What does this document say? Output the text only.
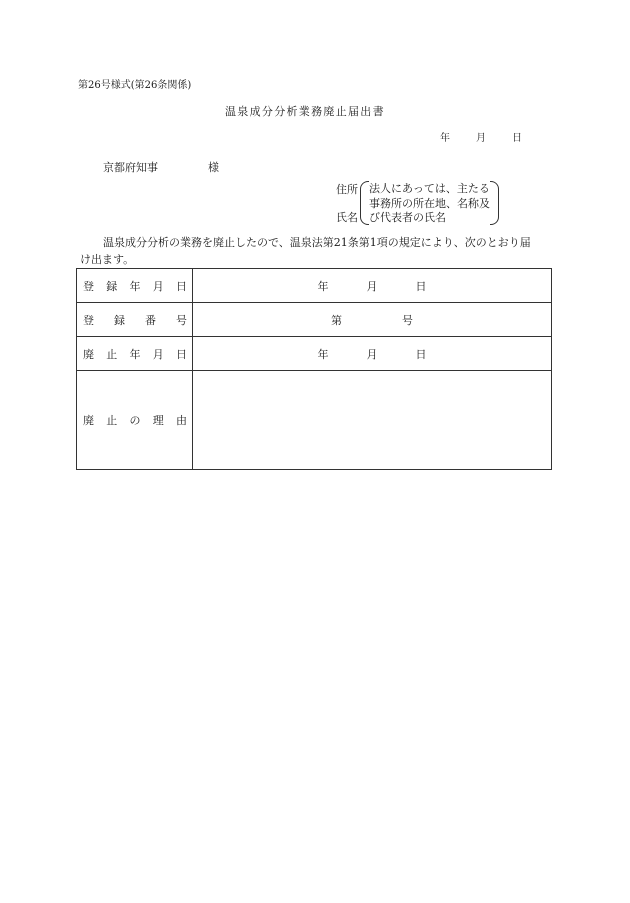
第26号様式(第26条関係)
温泉成分分析業務廃止届出書
年	月	日
京都府知事	様
住所
氏名
法人にあっては、主たる
事務所の所在地、名称及
び代表者の氏名
温泉成分分析の業務を廃止したので、温泉法第21条第1項の規定により、次のとおり届
け出ます。
登 録 年 月 日	年 月 日

登 録 番 号	第 号

廃 止 年 月 日	年 月 日

廃 止 の 理 由	
